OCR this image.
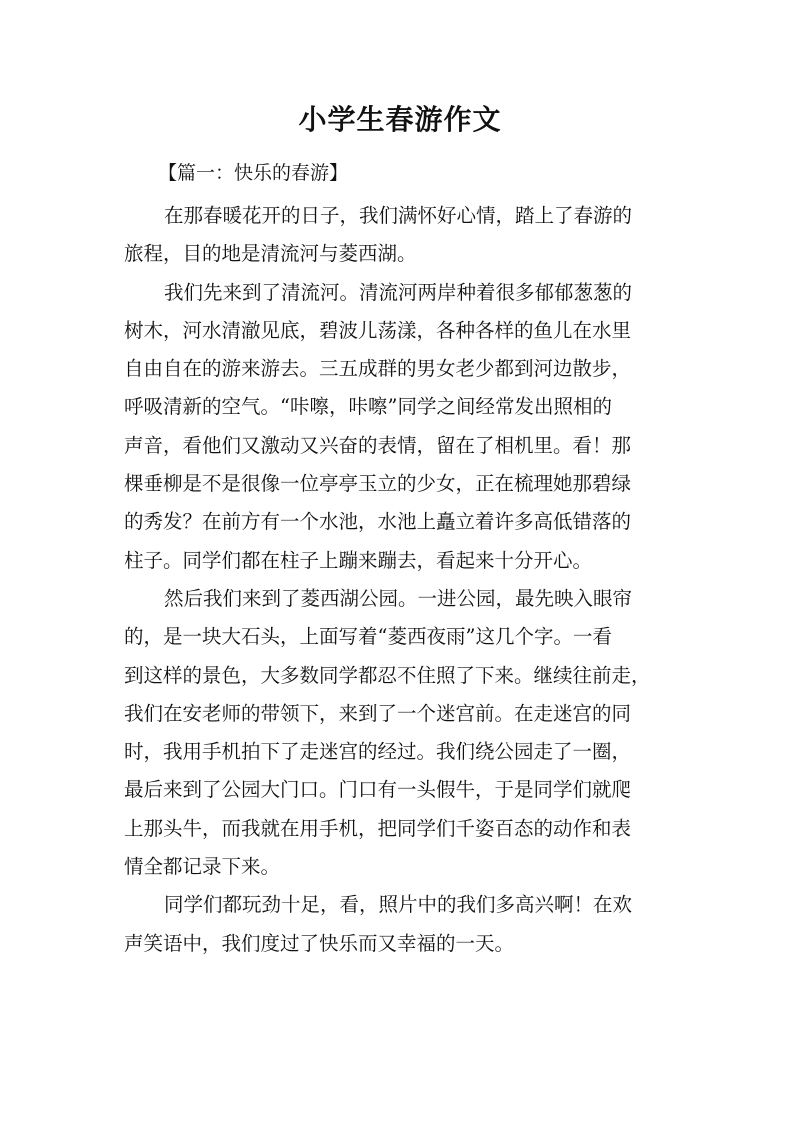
小学生春游作文
【篇一：快乐的春游】
在那春暖花开的日子，我们满怀好心情，踏上了春游的
旅程，目的地是清流河与菱西湖。
我们先来到了清流河。清流河两岸种着很多郁郁葱葱的
树木，河水清澈见底，碧波儿荡漾，各种各样的鱼儿在水里
自由自在的游来游去。三五成群的男女老少都到河边散步，
呼吸清新的空气。“咔嚓，咔嚓”同学之间经常发出照相的
声音，看他们又激动又兴奋的表情，留在了相机里。看！那
棵垂柳是不是很像一位亭亭玉立的少女，正在梳理她那碧绿
的秀发？在前方有一个水池，水池上矗立着许多高低错落的
柱子。同学们都在柱子上蹦来蹦去，看起来十分开心。
然后我们来到了菱西湖公园。一进公园，最先映入眼帘
的，是一块大石头，上面写着“菱西夜雨”这几个字。一看
到这样的景色，大多数同学都忍不住照了下来。继续往前走，
我们在安老师的带领下，来到了一个迷宫前。在走迷宫的同
时，我用手机拍下了走迷宫的经过。我们绕公园走了一圈，
最后来到了公园大门口。门口有一头假牛，于是同学们就爬
上那头牛，而我就在用手机，把同学们千姿百态的动作和表
情全都记录下来。
同学们都玩劲十足，看，照片中的我们多高兴啊！在欢
声笑语中，我们度过了快乐而又幸福的一天。
